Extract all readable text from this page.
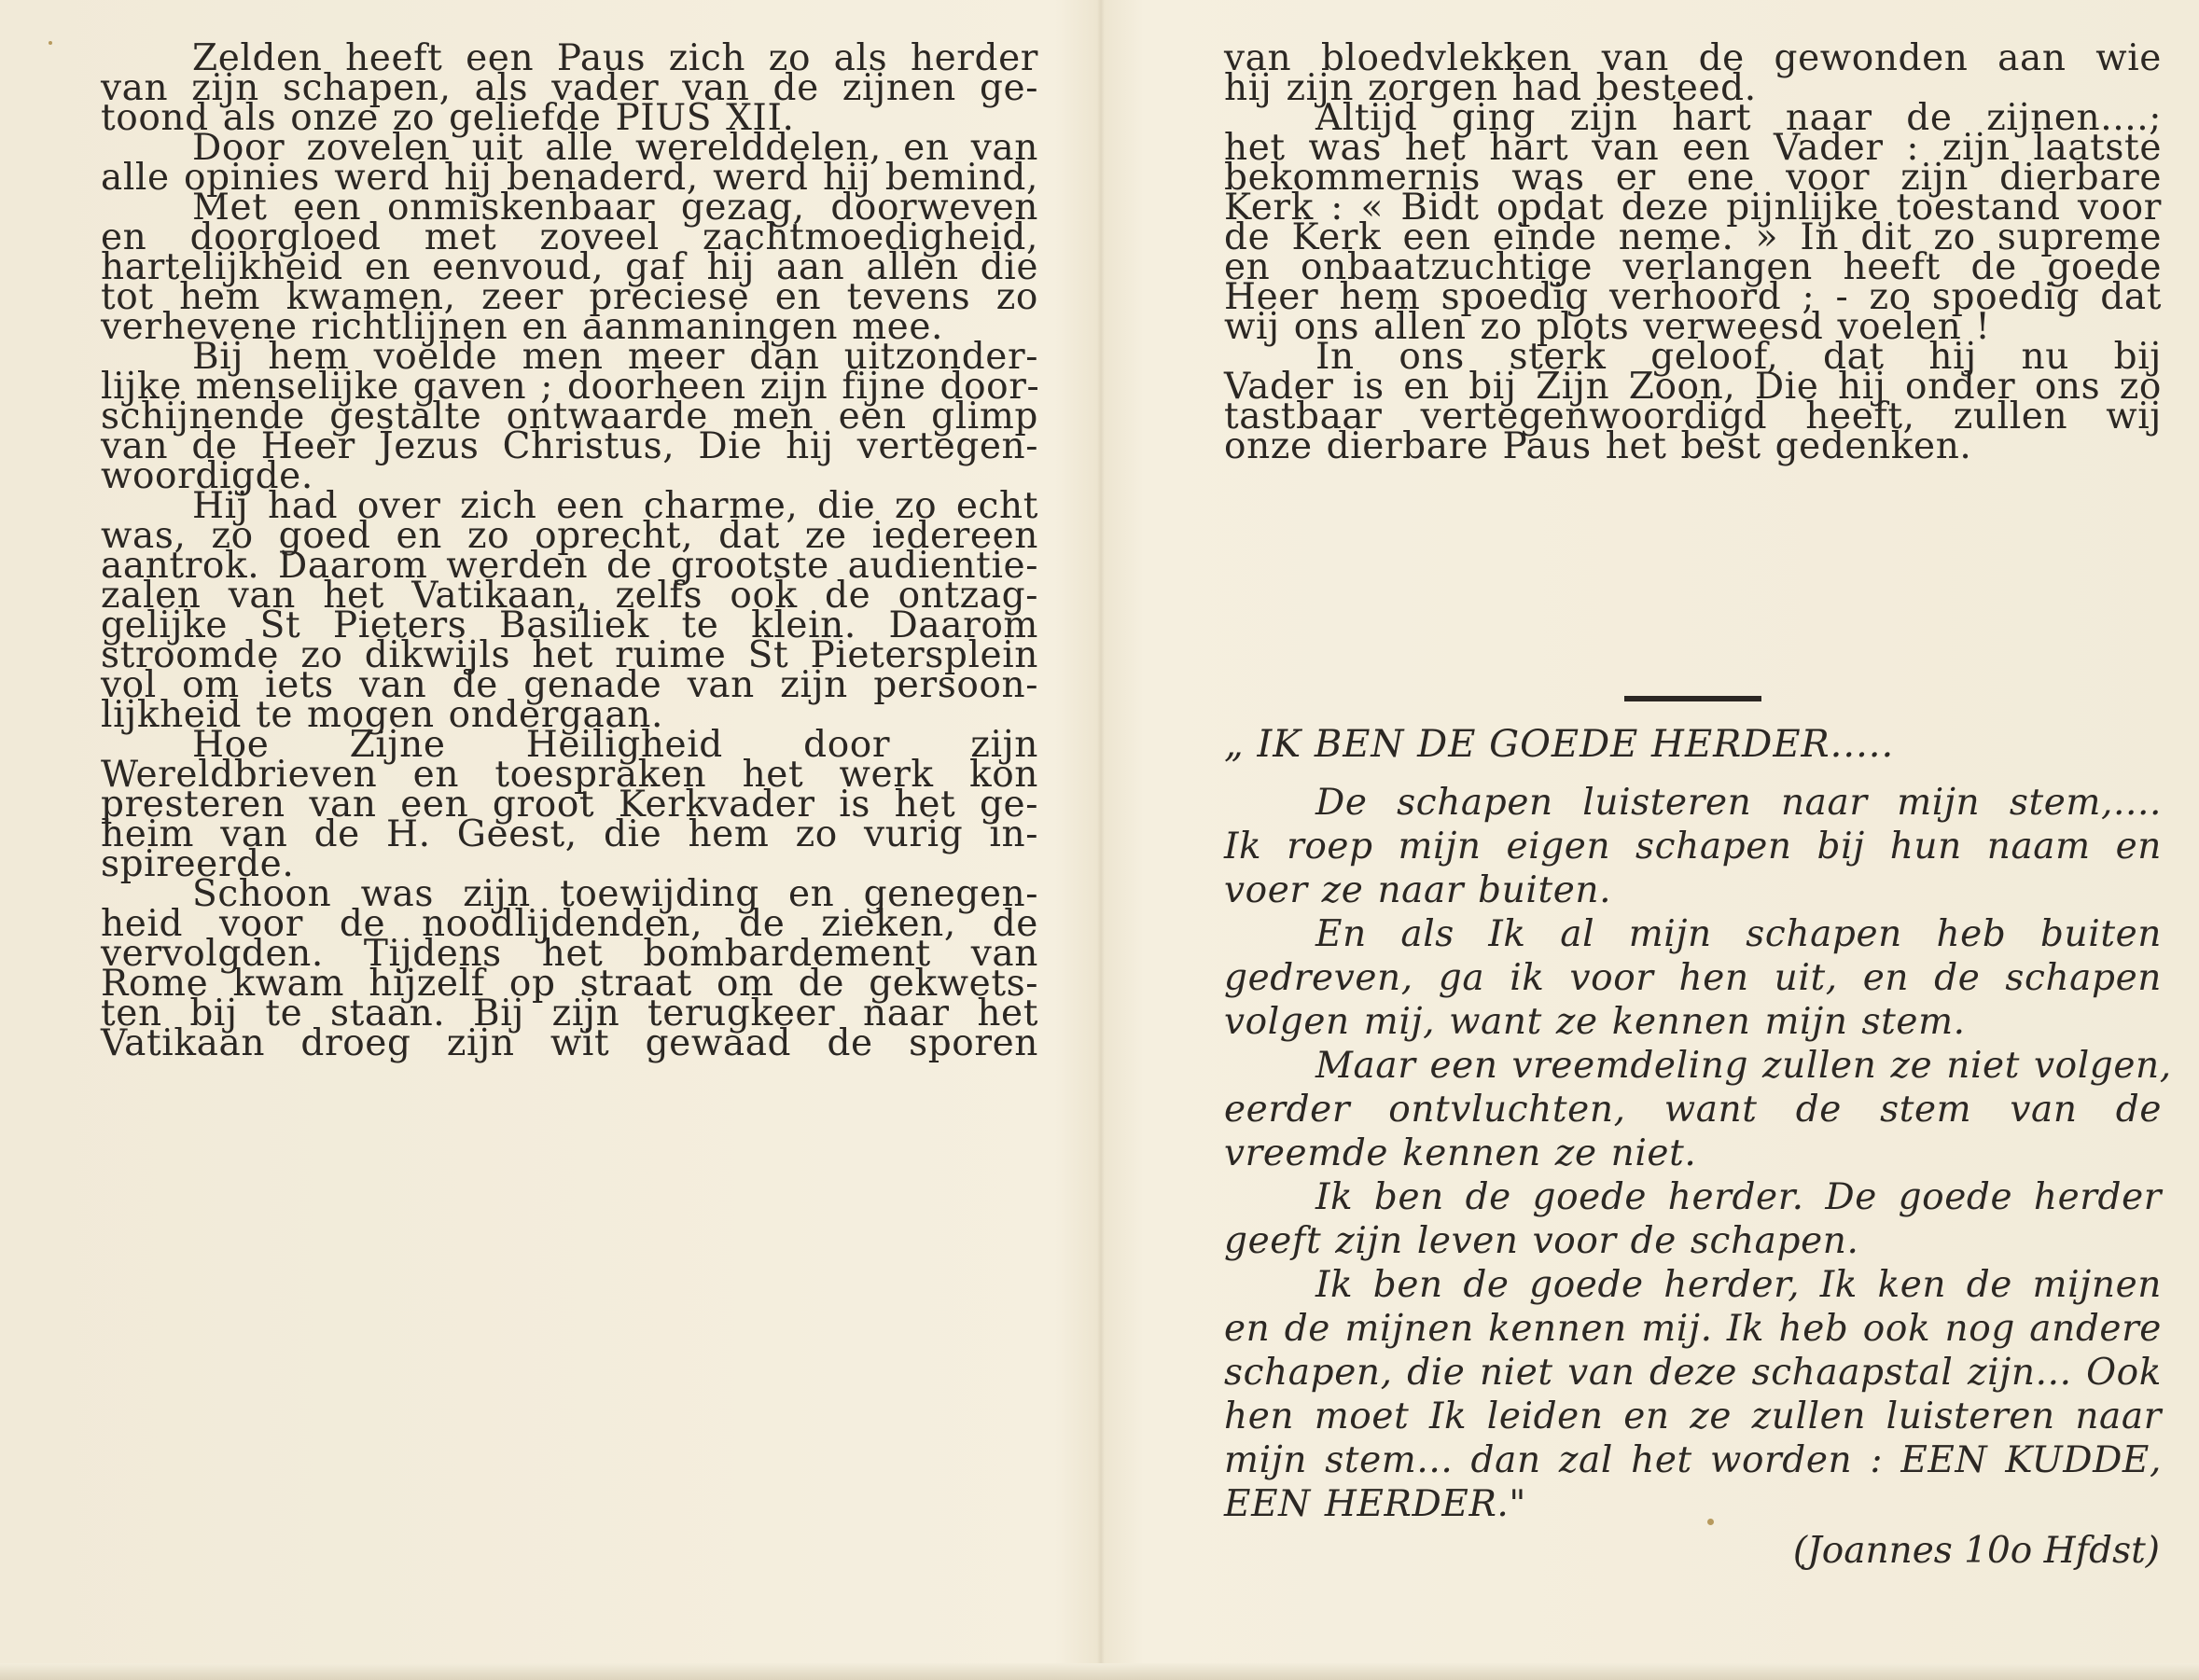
Zelden heeft een Paus zich zo als herder
van zijn schapen, als vader van de zijnen ge-
toond als onze zo geliefde PIUS XII.
Door zovelen uit alle werelddelen, en van
alle opinies werd hij benaderd, werd hij bemind,
Met een onmiskenbaar gezag, doorweven
en doorgloed met zoveel zachtmoedigheid,
hartelijkheid en eenvoud, gaf hij aan allen die
tot hem kwamen, zeer preciese en tevens zo
verhevene richtlijnen en aanmaningen mee.
Bij hem voelde men meer dan uitzonder-
lijke menselijke gaven ; doorheen zijn fijne door-
schijnende gestalte ontwaarde men een glimp
van de Heer Jezus Christus, Die hij vertegen-
woordigde.
Hij had over zich een charme, die zo echt
was, zo goed en zo oprecht, dat ze iedereen
aantrok. Daarom werden de grootste audientie-
zalen van het Vatikaan, zelfs ook de ontzag-
gelijke St Pieters Basiliek te klein. Daarom
stroomde zo dikwijls het ruime St Pietersplein
vol om iets van de genade van zijn persoon-
lijkheid te mogen ondergaan.
Hoe Zijne Heiligheid door zijn
Wereldbrieven en toespraken het werk kon
presteren van een groot Kerkvader is het ge-
heim van de H. Geest, die hem zo vurig in-
spireerde.
Schoon was zijn toewijding en genegen-
heid voor de noodlijdenden, de zieken, de
vervolgden. Tijdens het bombardement van
Rome kwam hijzelf op straat om de gekwets-
ten bij te staan. Bij zijn terugkeer naar het
Vatikaan droeg zijn wit gewaad de sporen
van bloedvlekken van de gewonden aan wie
hij zijn zorgen had besteed.
Altijd ging zijn hart naar de zijnen....;
het was het hart van een Vader : zijn laatste
bekommernis was er ene voor zijn dierbare
Kerk : « Bidt opdat deze pijnlijke toestand voor
de Kerk een einde neme. » In dit zo supreme
en onbaatzuchtige verlangen heeft de goede
Heer hem spoedig verhoord ; - zo spoedig dat
wij ons allen zo plots verweesd voelen !
In ons sterk geloof, dat hij nu bij
Vader is en bij Zijn Zoon, Die hij onder ons zo
tastbaar vertegenwoordigd heeft, zullen wij
onze dierbare Paus het best gedenken.
„ IK BEN DE GOEDE HERDER.....
De schapen luisteren naar mijn stem,....
Ik roep mijn eigen schapen bij hun naam en
voer ze naar buiten.
En als Ik al mijn schapen heb buiten
gedreven, ga ik voor hen uit, en de schapen
volgen mij, want ze kennen mijn stem.
Maar een vreemdeling zullen ze niet volgen,
eerder ontvluchten, want de stem van de
vreemde kennen ze niet.
Ik ben de goede herder. De goede herder
geeft zijn leven voor de schapen.
Ik ben de goede herder, Ik ken de mijnen
en de mijnen kennen mij. Ik heb ook nog andere
schapen, die niet van deze schaapstal zijn... Ook
hen moet Ik leiden en ze zullen luisteren naar
mijn stem... dan zal het worden : EEN KUDDE,
EEN HERDER."
(Joannes 10o Hfdst)
